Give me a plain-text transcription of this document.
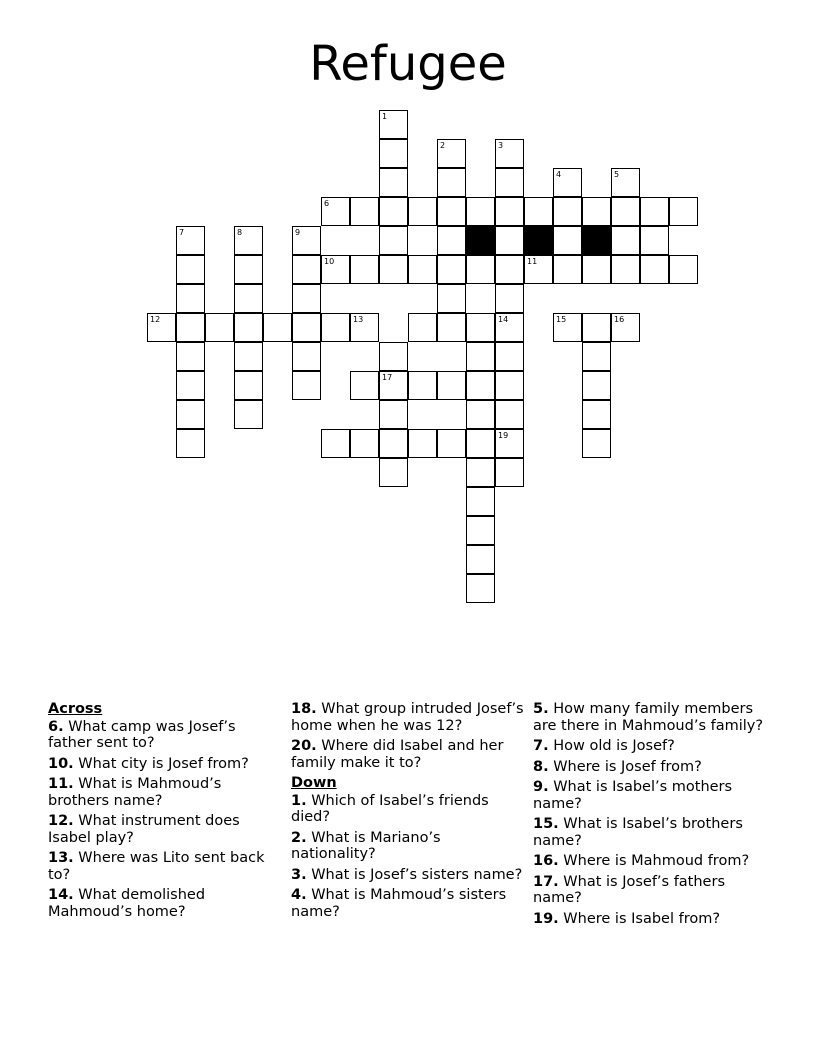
Refugee
1
2	3
4	5
6
10	11
7	8	9
12	13	14
19
15	16
17
Across
6. What camp was Josef’s father sent to?
10. What city is Josef from?
11. What is Mahmoud’s brothers name?
12. What instrument does Isabel play?
13. Where was Lito sent back to?
14. What demolished Mahmoud’s home?
18. What group intruded Josef’s home when he was 12?
20. Where did Isabel and her family make it to?
Down
1. Which of Isabel’s friends died?
2. What is Mariano’s nationality?
3. What is Josef’s sisters name?
4. What is Mahmoud’s sisters name?
5. How many family members are there in Mahmoud’s family?
7. How old is Josef?
8. Where is Josef from?
9. What is Isabel’s mothers name?
15. What is Isabel’s brothers name?
16. Where is Mahmoud from?
17. What is Josef’s fathers name?
19. Where is Isabel from?
